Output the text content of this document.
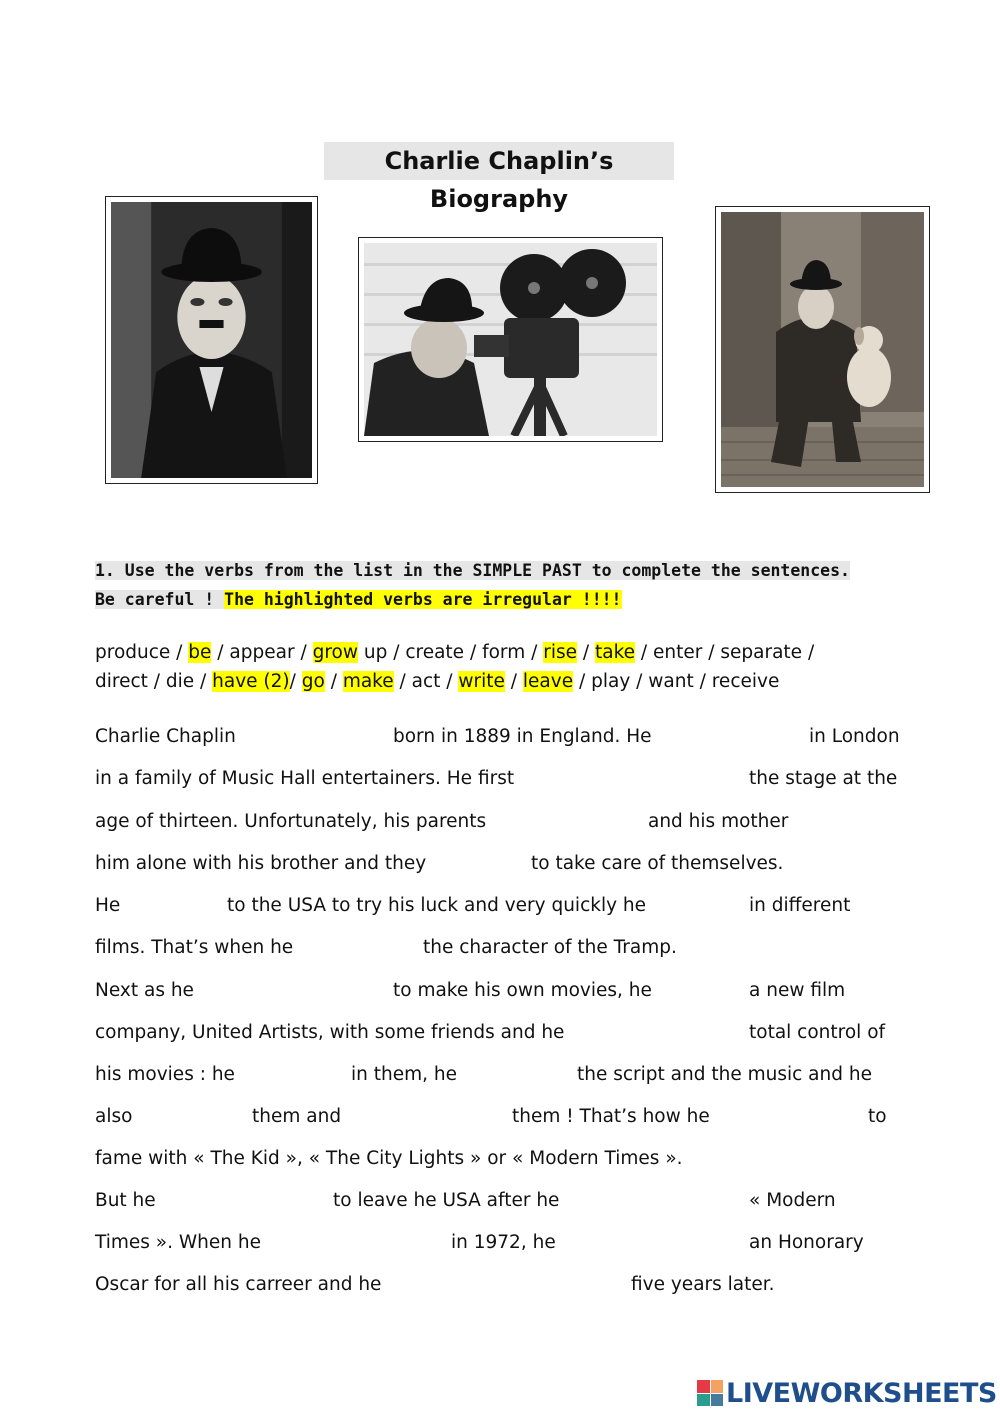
Charlie Chaplin’s Biography
1. Use the verbs from the list in the SIMPLE PAST to complete the sentences.
Be careful ! The highlighted verbs are irregular !!!!
produce / be / appear / grow up / create / form / rise / take / enter / separate /
direct / die / have (2)/ go / make / act / write / leave / play / want / receive
Charlie Chaplin	born in 1889 in England. He	in London
in a family of Music Hall entertainers. He first	the stage at the
age of thirteen. Unfortunately, his parents	and his mother
him alone with his brother and they	to take care of themselves.
He	to the USA to try his luck and very quickly he	in different
films. That’s when he	the character of the Tramp.
Next as he	to make his own movies, he	a new film
company, United Artists, with some friends and he	total control of
his movies : he	in them, he	the script and the music and he
also	them and	them ! That’s how he	to
fame with « The Kid », « The City Lights » or « Modern Times ».
But he	to leave he USA after he	« Modern
Times ». When he	in 1972, he	an Honorary
Oscar for all his carreer and he	five years later.
LIVEWORKSHEETS
